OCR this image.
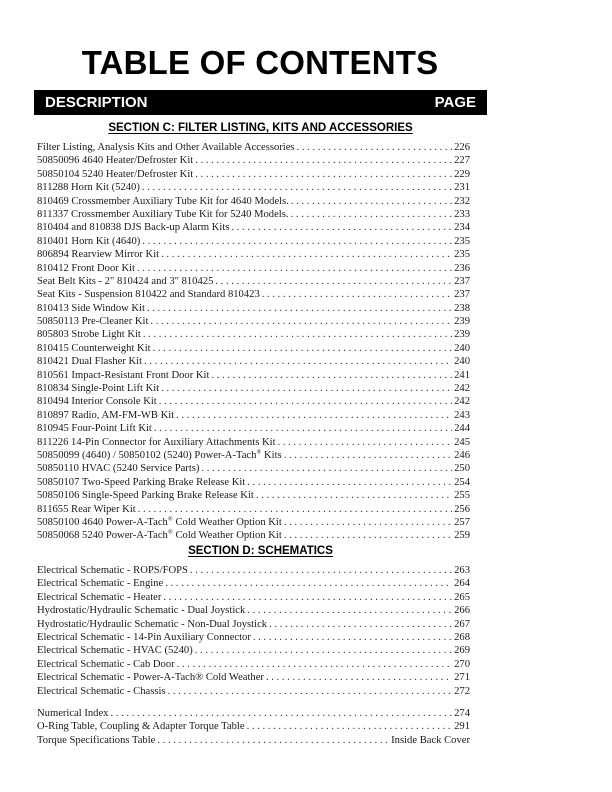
TABLE OF CONTENTS
DESCRIPTION	PAGE
SECTION C: FILTER LISTING, KITS AND ACCESSORIES
Filter Listing, Analysis Kits and Other Available Accessories . . .	226
50850096 4640 Heater/Defroster Kit . . .	227
50850104 5240 Heater/Defroster Kit . . .	229
811288 Horn Kit (5240) . . .	231
810469 Crossmember Auxiliary Tube Kit for 4640 Models. . . .	232
811337 Crossmember Auxiliary Tube Kit for 5240 Models. . . .	233
810404 and 810838 DJS Back-up Alarm Kits . . .	234
810401 Horn Kit (4640) . . .	235
806894 Rearview Mirror Kit . . .	235
810412 Front Door Kit . . .	236
Seat Belt Kits - 2" 810424 and 3" 810425 . . .	237
Seat Kits - Suspension 810422 and Standard 810423 . . .	237
810413 Side Window Kit . . .	238
50850113 Pre-Cleaner Kit . . .	239
805803 Strobe Light Kit . . .	239
810415 Counterweight Kit . . .	240
810421 Dual Flasher Kit . . .	240
810561 Impact-Resistant Front Door Kit . . .	241
810834 Single-Point Lift Kit . . .	242
810494 Interior Console Kit . . .	242
810897 Radio, AM-FM-WB Kit . . .	243
810945 Four-Point Lift Kit . . .	244
811226 14-Pin Connector for Auxiliary Attachments Kit . . .	245
50850099 (4640) / 50850102 (5240) Power-A-Tach® Kits . . .	246
50850110 HVAC (5240 Service Parts) . . .	250
50850107 Two-Speed Parking Brake Release Kit . . .	254
50850106 Single-Speed Parking Brake Release Kit . . .	255
811655 Rear Wiper Kit . . .	256
50850100 4640 Power-A-Tach® Cold Weather Option Kit . . .	257
50850068 5240 Power-A-Tach® Cold Weather Option Kit . . .	259
SECTION D: SCHEMATICS
Electrical Schematic - ROPS/FOPS . . .	263
Electrical Schematic - Engine . . .	264
Electrical Schematic - Heater . . .	265
Hydrostatic/Hydraulic Schematic - Dual Joystick . . .	266
Hydrostatic/Hydraulic Schematic - Non-Dual Joystick . . .	267
Electrical Schematic - 14-Pin Auxiliary Connector . . .	268
Electrical Schematic - HVAC (5240) . . .	269
Electrical Schematic - Cab Door . . .	270
Electrical Schematic - Power-A-Tach® Cold Weather . . .	271
Electrical Schematic - Chassis . . .	272
Numerical Index . . .	274
O-Ring Table, Coupling & Adapter Torque Table . . .	291
Torque Specifications Table . . .	Inside Back Cover
